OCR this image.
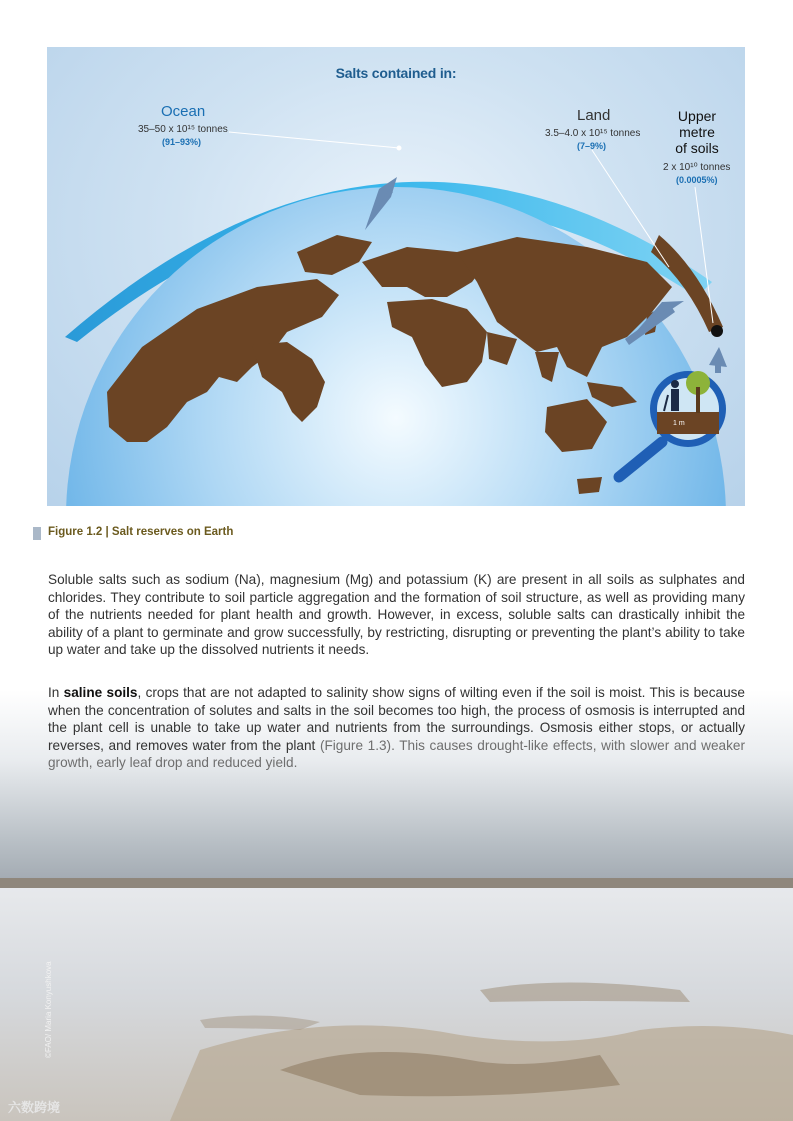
Salts contained in:
Ocean
35–50 x 10¹⁵ tonnes
(91–93%)
Land
3.5–4.0 x 10¹⁵ tonnes
(7–9%)
Upper
metre
of soils
2 x 10¹⁰ tonnes
(0.0005%)
1 m
Figure 1.2 | Salt reserves on Earth
Soluble salts such as sodium (Na), magnesium (Mg) and potassium (K) are present in all soils as sulphates and chlorides. They contribute to soil particle aggregation and the formation of soil structure, as well as providing many of the nutrients needed for plant health and growth. However, in excess, soluble salts can drastically inhibit the ability of a plant to germinate and grow successfully, by restricting, disrupting or preventing the plant’s ability to take up water and take up the dissolved nutrients it needs.
In saline soils, crops that are not adapted to salinity show signs of wilting even if the soil is moist. This is because when the concentration of solutes and salts in the soil becomes too high, the process of osmosis is interrupted and the plant cell is unable to take up water and nutrients from the surroundings. Osmosis either stops, or actually reverses, and removes water from the plant (Figure 1.3). This causes drought-like effects, with slower and weaker growth, early leaf drop and reduced yield.
©FAO/ Maria Konyushkova
六数跨境
